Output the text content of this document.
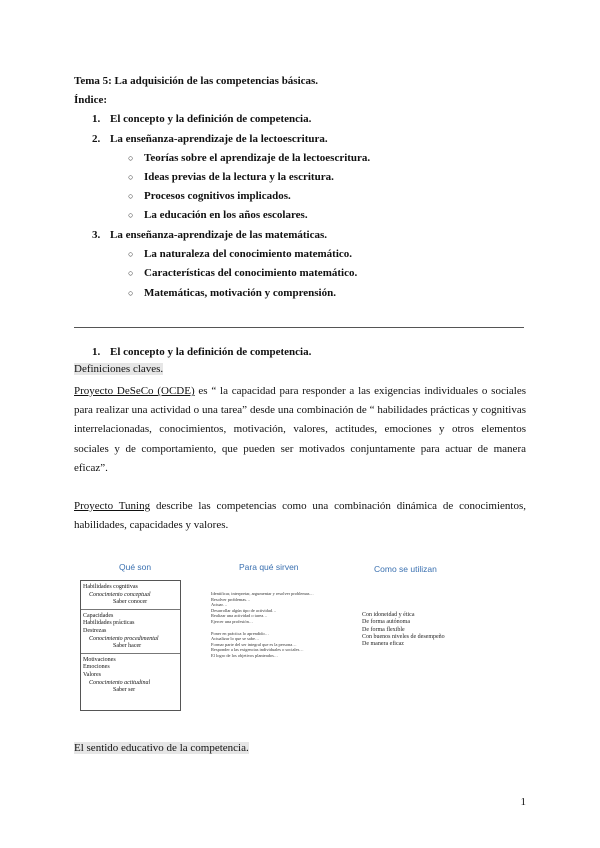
Tema 5: La adquisición de las competencias básicas.
Índice:
1. El concepto y la definición de competencia.
2. La enseñanza-aprendizaje de la lectoescritura.
○ Teorías sobre el aprendizaje de la lectoescritura.
○ Ideas previas de la lectura y la escritura.
○ Procesos cognitivos implicados.
○ La educación en los años escolares.
3. La enseñanza-aprendizaje de las matemáticas.
○ La naturaleza del conocimiento matemático.
○ Características del conocimiento matemático.
○ Matemáticas, motivación y comprensión.
1. El concepto y la definición de competencia.
Definiciones claves.
Proyecto DeSeCo (OCDE) es “ la capacidad para responder a las exigencias individuales o sociales para realizar una actividad o una tarea” desde una combinación de “ habilidades prácticas y cognitivas interrelacionadas, conocimientos, motivación, valores, actitudes, emociones y otros elementos sociales y de comportamiento, que pueden ser motivados conjuntamente para actuar de manera eficaz”.
Proyecto Tuning describe las competencias como una combinación dinámica de conocimientos, habilidades, capacidades y valores.
Qué son	Para qué sirven	Como se utilizan
Habilidades cognitivas
Conocimiento conceptual
Saber conocer
Capacidades
Habilidades prácticas
Destrezas
Conocimiento procedimental
Saber hacer
Motivaciones
Emociones
Valores
Conocimiento actitudinal
Saber ser
Identificar, interpretar, argumentar y resolver problemas…
Resolver problemas…
Actuar…
Desarrollar algún tipo de actividad…
Realizar una actividad o tarea…
Ejercer una profesión…
Poner en práctica lo aprendido…
Actualizar lo que se sabe…
Formar parte del ser integral que es la persona…
Responder a las exigencias individuales o sociales…
El logro de los objetivos planteados…
Con idoneidad y ética
De forma autónoma
De forma flexible
Con buenos niveles de desempeño
De manera eficaz
El sentido educativo de la competencia.
1
